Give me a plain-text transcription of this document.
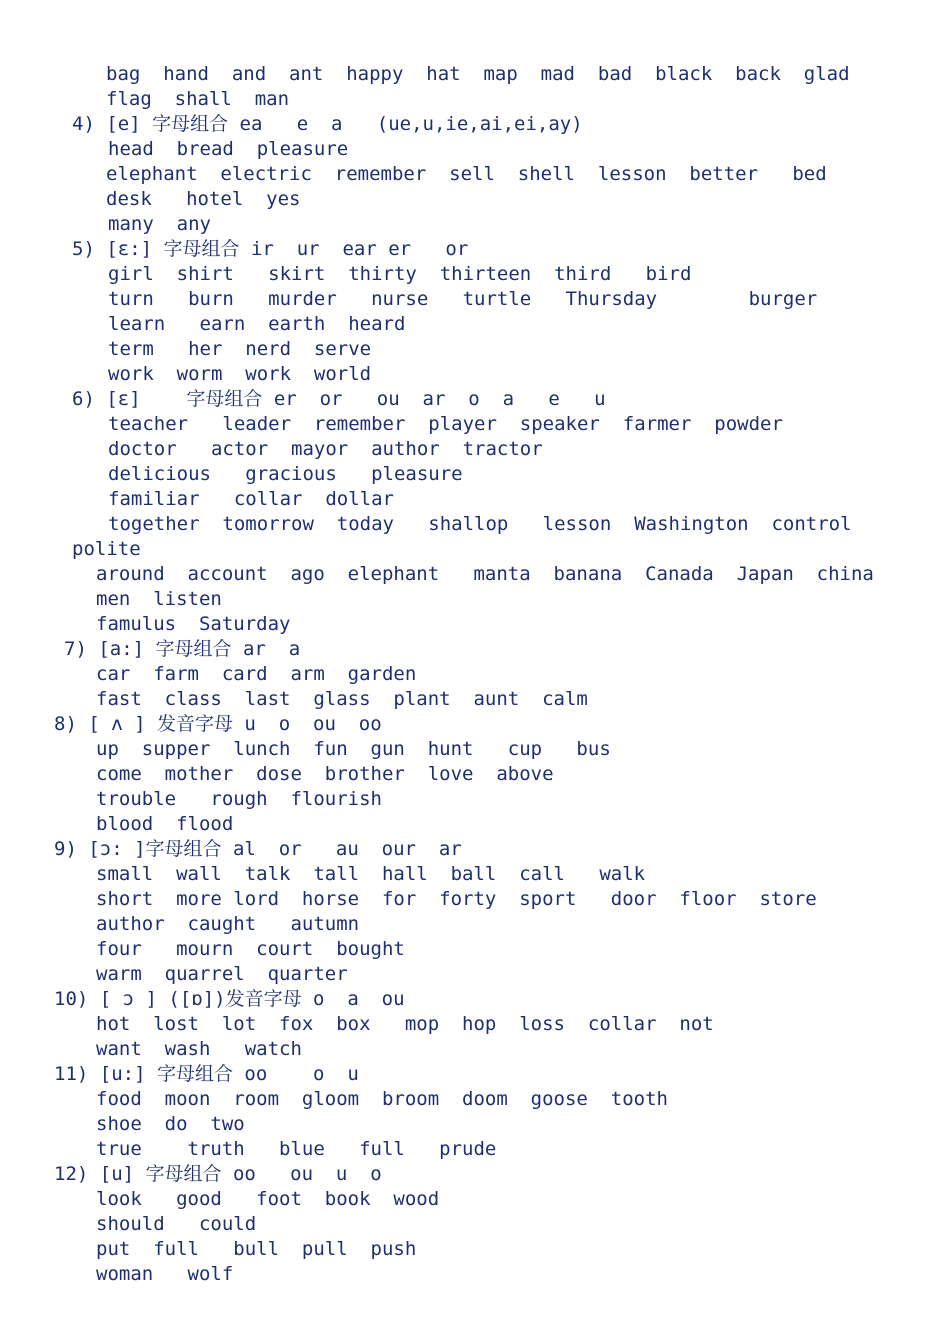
bag  hand  and  ant  happy  hat  map  mad  bad  black  back  glad

flag  shall  man

4) [e] 字母组合 ea   e  a   (ue,u,ie,ai,ei,ay)

head  bread  pleasure

elephant  electric  remember  sell  shell  lesson  better   bed

desk   hotel  yes

many  any

5) [ɛ:] 字母组合 ir  ur  ear er   or

girl  shirt   skirt  thirty  thirteen  third   bird

turn   burn   murder   nurse   turtle   Thursday        burger

learn   earn  earth  heard

term   her  nerd  serve

work  worm  work  world

6) [ɛ]    字母组合 er  or   ou  ar  o  a   e   u

teacher   leader  remember  player  speaker  farmer  powder

doctor   actor  mayor  author  tractor

delicious   gracious   pleasure

familiar   collar  dollar

together  tomorrow  today   shallop   lesson  Washington  control

polite

around  account  ago  elephant   manta  banana  Canada  Japan  china

men  listen

famulus  Saturday

7) [a:] 字母组合 ar  a

car  farm  card  arm  garden

fast  class  last  glass  plant  aunt  calm

8) [ ʌ ] 发音字母 u  o  ou  oo

up  supper  lunch  fun  gun  hunt   cup   bus

come  mother  dose  brother  love  above

trouble   rough  flourish

blood  flood

9) [ɔ: ]字母组合 al  or   au  our  ar

small  wall  talk  tall  hall  ball  call   walk

short  more lord  horse  for  forty  sport   door  floor  store

author  caught   autumn

four   mourn  court  bought

warm  quarrel  quarter

10) [ ɔ ] ([ɒ])发音字母 o  a  ou

hot  lost  lot  fox  box   mop  hop  loss  collar  not

want  wash   watch

11) [u:] 字母组合 oo    o  u

food  moon  room  gloom  broom  doom  goose  tooth

shoe  do  two

true    truth   blue   full   prude

12) [u] 字母组合 oo   ou  u  o

look   good   foot  book  wood

should   could

put  full   bull  pull  push

woman   wolf
